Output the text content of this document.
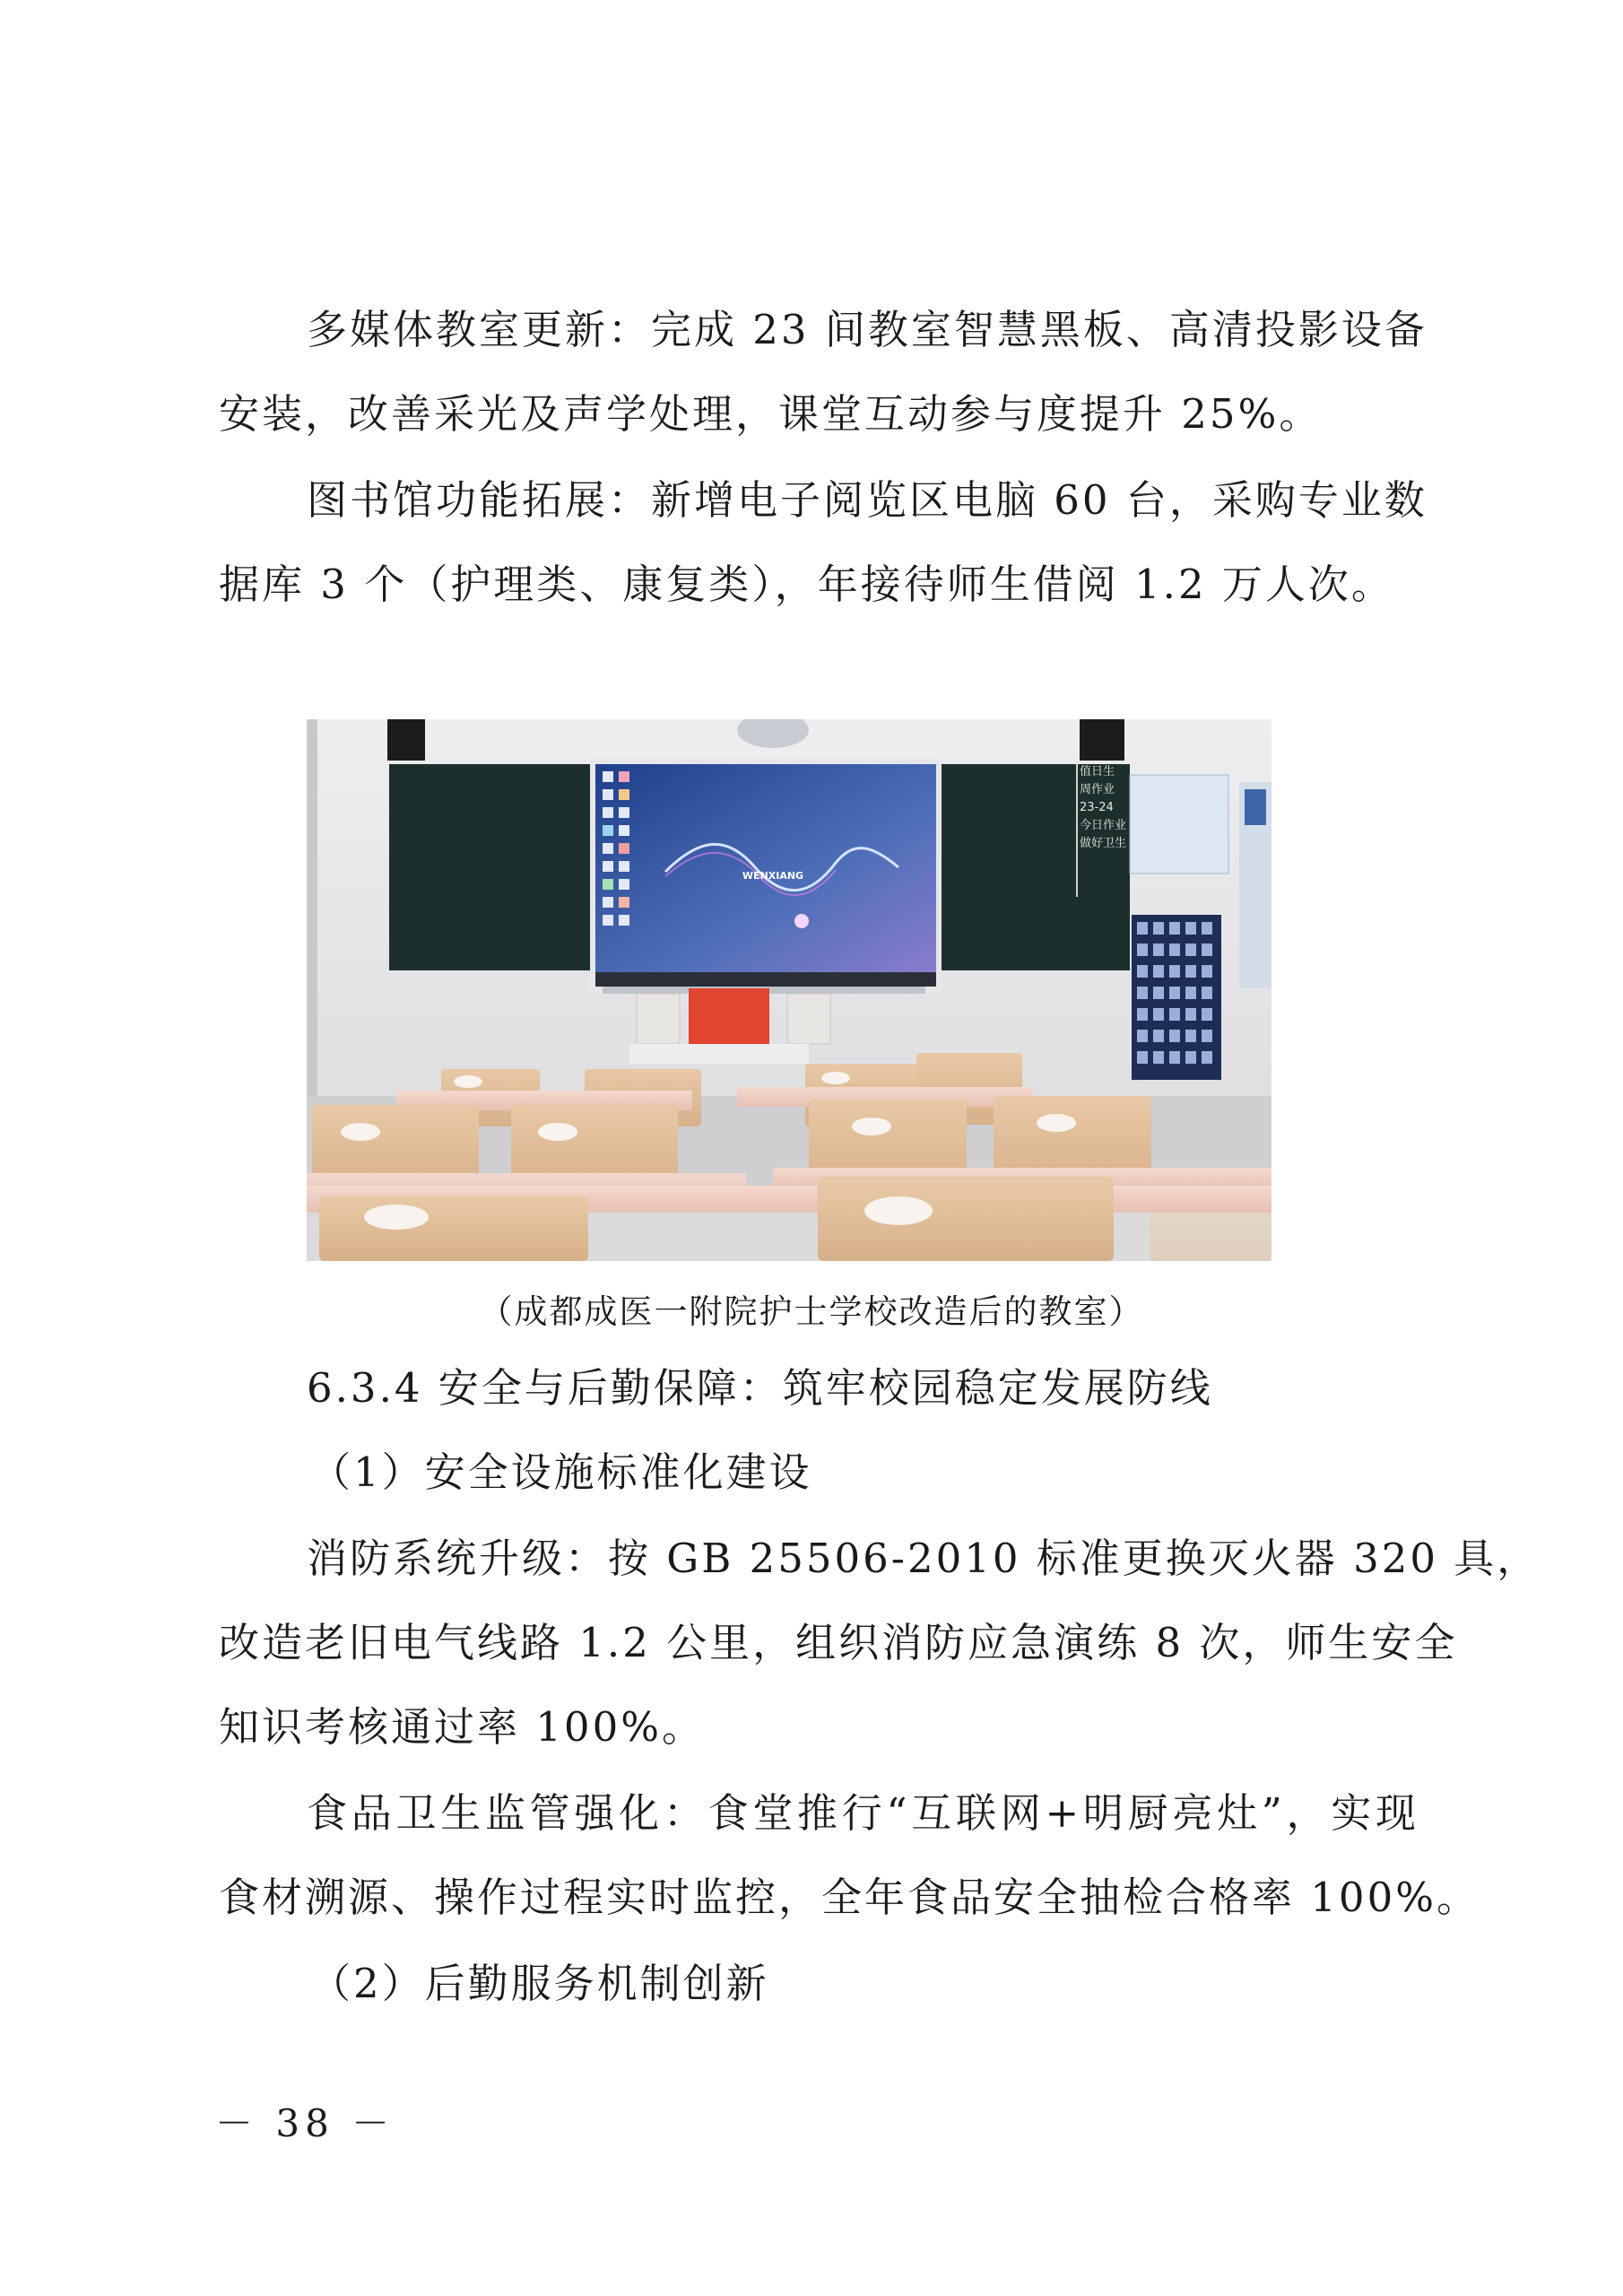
多媒体教室更新：完成 23 间教室智慧黑板、高清投影设备
安装，改善采光及声学处理，课堂互动参与度提升 25%。
图书馆功能拓展：新增电子阅览区电脑 60 台，采购专业数
据库 3 个（护理类、康复类），年接待师生借阅 1.2 万人次。
值日生
周作业
23-24
今日作业
做好卫生
WENXIANG
（成都成医一附院护士学校改造后的教室）
6.3.4 安全与后勤保障：筑牢校园稳定发展防线
（1）安全设施标准化建设
消防系统升级：按 GB 25506-2010 标准更换灭火器 320 具，
改造老旧电气线路 1.2 公里，组织消防应急演练 8 次，师生安全
知识考核通过率 100%。
食品卫生监管强化：食堂推行“互联网+明厨亮灶”，实现
食材溯源、操作过程实时监控，全年食品安全抽检合格率 100%。
（2）后勤服务机制创新
－ 38 －
